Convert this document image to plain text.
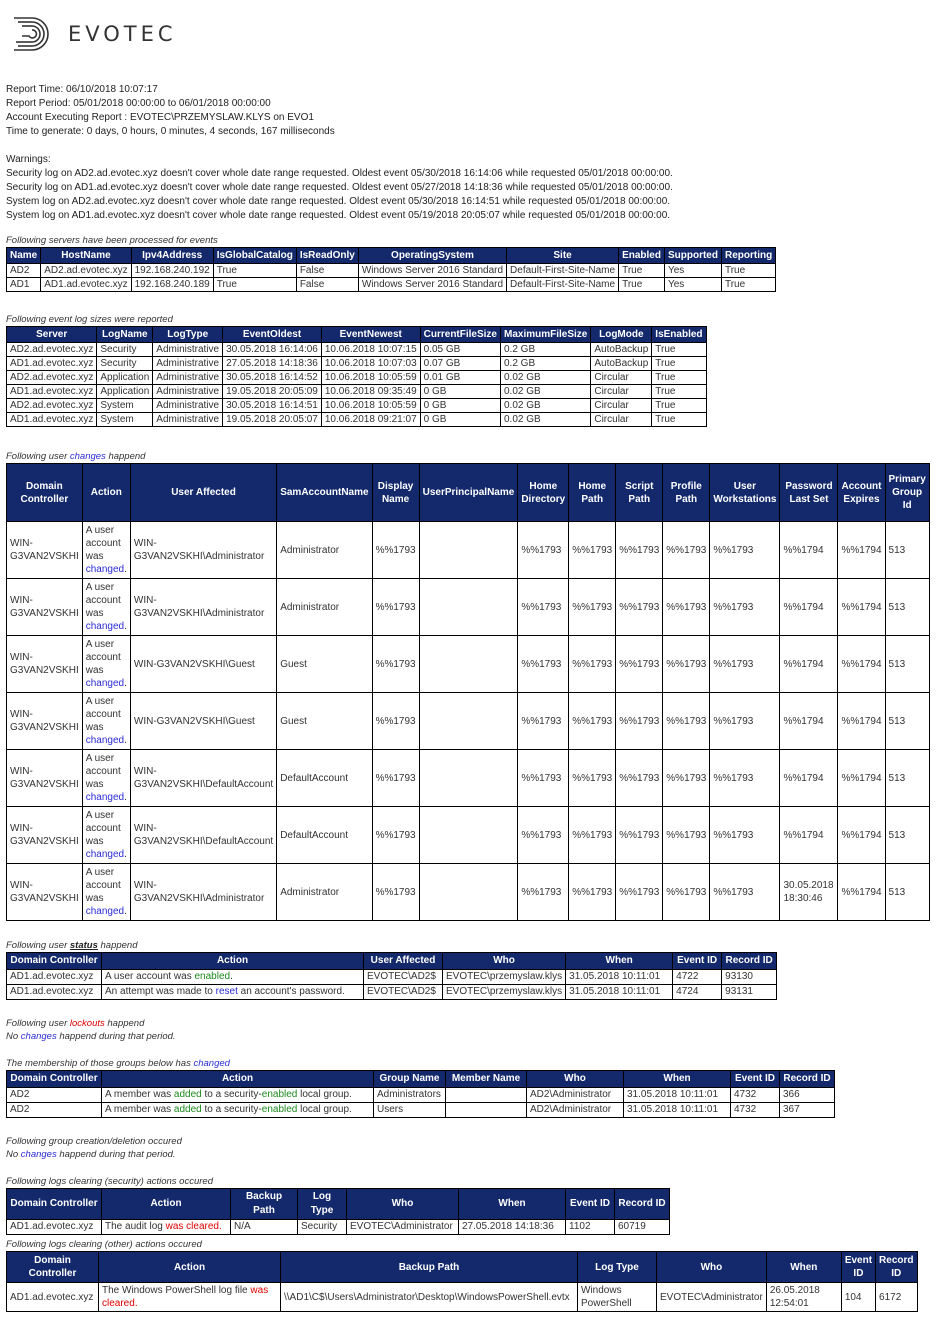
EVOTEC
Report Time: 06/10/2018 10:07:17
Report Period: 05/01/2018 00:00:00 to 06/01/2018 00:00:00
Account Executing Report : EVOTEC\PRZEMYSLAW.KLYS on EVO1
Time to generate: 0 days, 0 hours, 0 minutes, 4 seconds, 167 milliseconds
Warnings:
Security log on AD2.ad.evotec.xyz doesn't cover whole date range requested. Oldest event 05/30/2018 16:14:06 while requested 05/01/2018 00:00:00.
Security log on AD1.ad.evotec.xyz doesn't cover whole date range requested. Oldest event 05/27/2018 14:18:36 while requested 05/01/2018 00:00:00.
System log on AD2.ad.evotec.xyz doesn't cover whole date range requested. Oldest event 05/30/2018 16:14:51 while requested 05/01/2018 00:00:00.
System log on AD1.ad.evotec.xyz doesn't cover whole date range requested. Oldest event 05/19/2018 20:05:07 while requested 05/01/2018 00:00:00.
Following servers have been processed for events
Name	HostName	Ipv4Address	IsGlobalCatalog	IsReadOnly	OperatingSystem	Site	Enabled	Supported	Reporting
AD2	AD2.ad.evotec.xyz	192.168.240.192	True	False	Windows Server 2016 Standard	Default-First-Site-Name	True	Yes	True
AD1	AD1.ad.evotec.xyz	192.168.240.189	True	False	Windows Server 2016 Standard	Default-First-Site-Name	True	Yes	True
Following event log sizes were reported
Server	LogName	LogType	EventOldest	EventNewest	CurrentFileSize	MaximumFileSize	LogMode	IsEnabled
AD2.ad.evotec.xyz	Security	Administrative	30.05.2018 16:14:06	10.06.2018 10:07:15	0.05 GB	0.2 GB	AutoBackup	True
AD1.ad.evotec.xyz	Security	Administrative	27.05.2018 14:18:36	10.06.2018 10:07:03	0.07 GB	0.2 GB	AutoBackup	True
AD2.ad.evotec.xyz	Application	Administrative	30.05.2018 16:14:52	10.06.2018 10:05:59	0.01 GB	0.02 GB	Circular	True
AD1.ad.evotec.xyz	Application	Administrative	19.05.2018 20:05:09	10.06.2018 09:35:49	0 GB	0.02 GB	Circular	True
AD2.ad.evotec.xyz	System	Administrative	30.05.2018 16:14:51	10.06.2018 10:05:59	0 GB	0.02 GB	Circular	True
AD1.ad.evotec.xyz	System	Administrative	19.05.2018 20:05:07	10.06.2018 09:21:07	0 GB	0.02 GB	Circular	True
Following user changes happend
Domain Controller	Action	User Affected	SamAccountName	Display Name	UserPrincipalName	Home Directory	Home Path	Script Path	Profile Path	User Workstations	Password Last Set	Account Expires	Primary Group Id
WIN-G3VAN2VSKHI	A user account was changed.	WIN-G3VAN2VSKHI\Administrator	Administrator	%%1793		%%1793	%%1793	%%1793	%%1793	%%1793	%%1794	%%1794	513
WIN-G3VAN2VSKHI	A user account was changed.	WIN-G3VAN2VSKHI\Administrator	Administrator	%%1793		%%1793	%%1793	%%1793	%%1793	%%1793	%%1794	%%1794	513
WIN-G3VAN2VSKHI	A user account was changed.	WIN-G3VAN2VSKHI\Guest	Guest	%%1793		%%1793	%%1793	%%1793	%%1793	%%1793	%%1794	%%1794	513
WIN-G3VAN2VSKHI	A user account was changed.	WIN-G3VAN2VSKHI\Guest	Guest	%%1793		%%1793	%%1793	%%1793	%%1793	%%1793	%%1794	%%1794	513
WIN-G3VAN2VSKHI	A user account was changed.	WIN-G3VAN2VSKHI\DefaultAccount	DefaultAccount	%%1793		%%1793	%%1793	%%1793	%%1793	%%1793	%%1794	%%1794	513
WIN-G3VAN2VSKHI	A user account was changed.	WIN-G3VAN2VSKHI\DefaultAccount	DefaultAccount	%%1793		%%1793	%%1793	%%1793	%%1793	%%1793	%%1794	%%1794	513
WIN-G3VAN2VSKHI	A user account was changed.	WIN-G3VAN2VSKHI\Administrator	Administrator	%%1793		%%1793	%%1793	%%1793	%%1793	%%1793	30.05.2018 18:30:46	%%1794	513
Following user status happend
Domain Controller	Action	User Affected	Who	When	Event ID	Record ID
AD1.ad.evotec.xyz	A user account was enabled.	EVOTEC\AD2$	EVOTEC\przemyslaw.klys	31.05.2018 10:11:01	4722	93130
AD1.ad.evotec.xyz	An attempt was made to reset an account's password.	EVOTEC\AD2$	EVOTEC\przemyslaw.klys	31.05.2018 10:11:01	4724	93131
Following user lockouts happend
No changes happend during that period.
The membership of those groups below has changed
Domain Controller	Action	Group Name	Member Name	Who	When	Event ID	Record ID
AD2	A member was added to a security-enabled local group.	Administrators		AD2\Administrator	31.05.2018 10:11:01	4732	366
AD2	A member was added to a security-enabled local group.	Users		AD2\Administrator	31.05.2018 10:11:01	4732	367
Following group creation/deletion occured
No changes happend during that period.
Following logs clearing (security) actions occured
Domain Controller	Action	Backup Path	Log Type	Who	When	Event ID	Record ID
AD1.ad.evotec.xyz	The audit log was cleared.	N/A	Security	EVOTEC\Administrator	27.05.2018 14:18:36	1102	60719
Following logs clearing (other) actions occured
Domain Controller	Action	Backup Path	Log Type	Who	When	Event ID	Record ID
AD1.ad.evotec.xyz	The Windows PowerShell log file was cleared.	\\AD1\C$\Users\Administrator\Desktop\WindowsPowerShell.evtx	Windows PowerShell	EVOTEC\Administrator	26.05.2018 12:54:01	104	6172
